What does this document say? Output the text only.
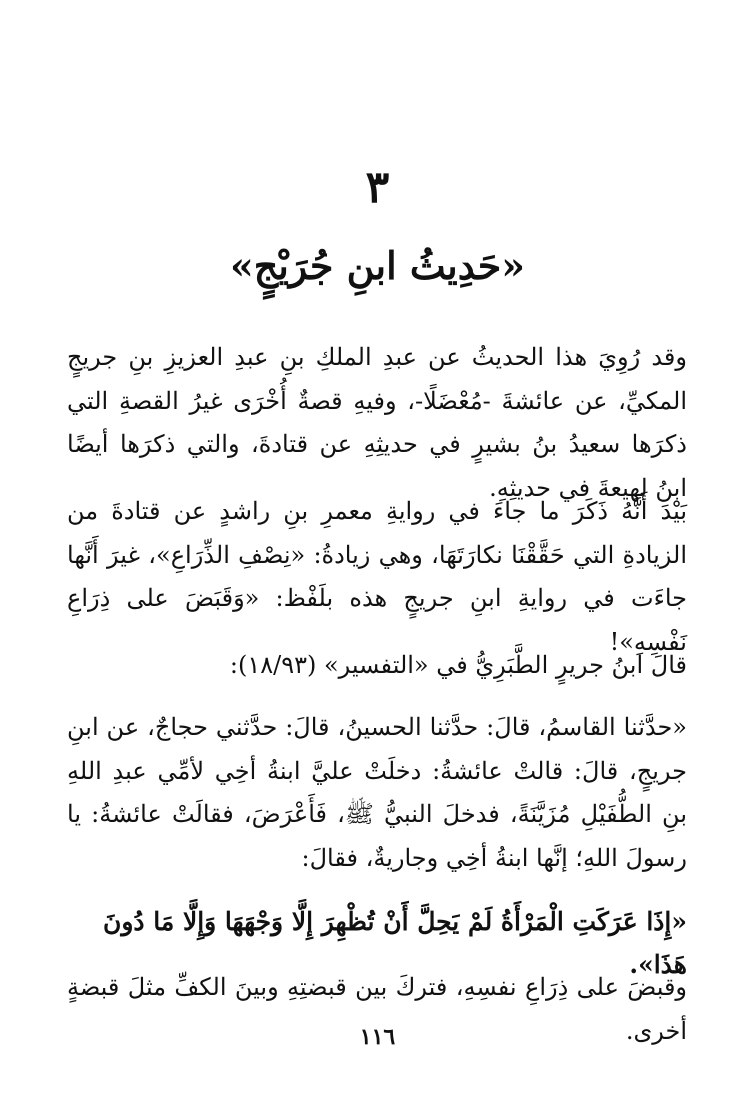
٣
«حَدِيثُ ابنِ جُرَيْجٍ»

وقد رُوِيَ هذا الحديثُ عن عبدِ الملكِ بنِ عبدِ العزيزِ بنِ جريجٍ المكيِّ، عن عائشةَ -مُعْضَلًا-، وفيهِ قصةٌ أُخْرَى غيرُ القصةِ التي ذكرَها سعيدُ بنُ بشيرٍ في حديثِهِ عن قتادةَ، والتي ذكرَها أيضًا ابنُ لهيعةَ في حديثِهِ.

بَيْدَ أَنَّهُ ذَكَرَ ما جاءَ في روايةِ معمرِ بنِ راشدٍ عن قتادةَ من الزيادةِ التي حَقَّقْنَا نكارَتَهَا، وهي زيادةُ: «نِصْفِ الذِّرَاعِ»، غيرَ أَنَّها جاءَت في روايةِ ابنِ جريجٍ هذه بلَفْظ: «وَقَبَضَ على ذِرَاعِ نَفْسِهِ»!

قالَ ابنُ جريرٍ الطَّبَرِيُّ في «التفسير» (١٨/٩٣):

«حدَّثنا القاسمُ، قالَ: حدَّثنا الحسينُ، قالَ: حدَّثني حجاجٌ، عن ابنِ جريجٍ، قالَ: قالتْ عائشةُ: دخلَتْ عليَّ ابنةُ أخِي لأمِّي عبدِ اللهِ بنِ الطُّفَيْلِ مُزَيَّنَةً، فدخلَ النبيُّ ﷺ، فَأَعْرَضَ، فقالَتْ عائشةُ: يا رسولَ اللهِ؛ إنَّها ابنةُ أخِي وجاريةٌ، فقالَ:

«إِذَا عَرَكَتِ الْمَرْأَةُ لَمْ يَحِلَّ أَنْ تُظْهِرَ إِلَّا وَجْهَهَا وَإِلَّا مَا دُونَ هَذَا».

وقبضَ على ذِرَاعِ نفسِهِ، فتركَ بين قبضتِهِ وبينَ الكفِّ مثلَ قبضةٍ أخرى.

١١٦
